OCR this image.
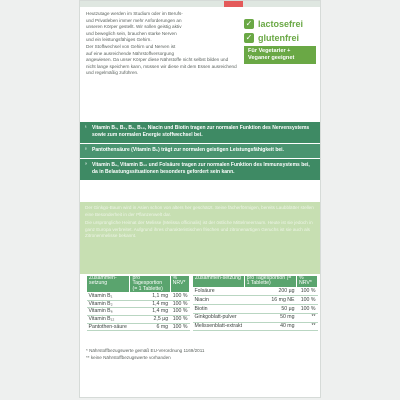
Heutzutage werden im Studium oder im Berufs-
und Privatleben immer mehr Anforderungen an
unseren Körper gestellt. Wir sollen geistig aktiv
und beweglich sein, brauchen starke Nerven
und ein leistungsfähiges Gehirn.
Der Stoffwechsel von Gehirn und Nerven ist
auf eine ausreichende Nährstoffversorgung
angewiesen. Da unser Körper diese Nährstoffe nicht selbst bilden und
nicht lange speichern kann, müssen wir diese mit dem Essen ausreichend
und regelmäßig zuführen.
✓ lactosefrei
✓ glutenfrei
Für Vegetarier + Veganer geeignet
¹	Vitamin B₁, B₂, B₆, B₁₂, Niacin und Biotin tragen zur normalen Funktion des Nervensystems sowie zum normalen Energie stoffwechsel bei.
²	Pantothensäure (Vitamin B₅) trägt zur normalen geistigen Leistungsfähigkeit bei.
³	Vitamin B₆, Vitamin B₁₂ und Folsäure tragen zur normalen Funktion des Immunsystems bei, da in Belastungssituationen besonders gefordert sein kann.

Der Ginkgo-Baum wird in Asien schon von alters her geschätzt. Seine fächerförmigen, bereits Laubblätter stellen eine Besonderheit in der Pflanzenwelt dar.

Die ursprüngliche Heimat der Melisse (Melissa officinalis) ist der östliche Mittelmeerraum. Heute ist sie jedoch in ganz Europa verbreitet. Aufgrund ihres charakteristischen frischen und zitronenartigen Geruchs ist sie auch als Zitronenmelisse bekannt.

Zusammen-setzung	pro Tagesportion (= 1 Tablette)	% NRV*
Vitamin B₁	1,1 mg	100 %
Vitamin B₂	1,4 mg	100 %
Vitamin B₆	1,4 mg	100 %
Vitamin B₁₂	2,5 µg	100 %
Pantothen-säure	6 mg	100 %
Zusammen-setzung	pro Tagesportion (= 1 Tablette)	% NRV*
Folsäure	200 µg	100 %
Niacin	16 mg NE	100 %
Biotin	50 µg	100 %
Ginkgoblatt-pulver	50 mg	**
Melissenblatt-extrakt	40 mg	**
* Nährstoffbezugswerte gemäß EU-Verordnung 1169/2011
** keine Nährstoffbezugswerte vorhanden
